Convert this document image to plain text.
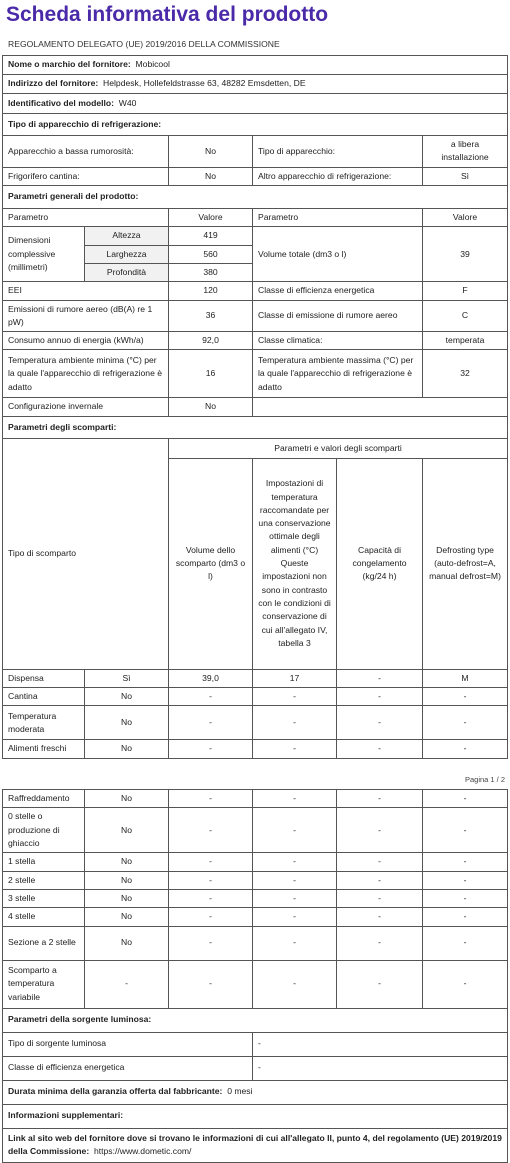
Scheda informativa del prodotto
REGOLAMENTO DELEGATO (UE) 2019/2016 DELLA COMMISSIONE
Nome o marchio del fornitore: Mobicool					
Indirizzo del fornitore: Helpdesk, Hollefeldstrasse 63, 48282 Emsdetten, DE					
Identificativo del modello: W40					
Tipo di apparecchio di refrigerazione:					
Apparecchio a bassa rumorosità:		No	Tipo di apparecchio:		a libera installazione
Frigorifero cantina:		No	Altro apparecchio di refrigerazione:		Sì
Parametri generali del prodotto:					
Parametro		Valore	Parametro		Valore
Dimensioni complessive (millimetri)	Altezza	419	Volume totale (dm3 o l)		39
	Larghezza	560			
	Profondità	380			
EEI		120	Classe di efficienza energetica		F
Emissioni di rumore aereo (dB(A) re 1 pW)		36	Classe di emissione di rumore aereo		C
Consumo annuo di energia (kWh/a)		92,0	Classe climatica:		temperata
Temperatura ambiente minima (°C) per la quale l'apparecchio di refrigerazione è adatto		16	Temperatura ambiente massima (°C) per la quale l'apparecchio di refrigerazione è adatto		32
Configurazione invernale		No			
Parametri degli scomparti:					
Tipo di scomparto		Parametri e valori degli scomparti			
		Volume dello scomparto (dm3 o l)	Impostazioni di temperatura raccomandate per una conservazione ottimale degli alimenti (°C) Queste impostazioni non sono in contrasto con le condizioni di conservazione di cui all'allegato IV, tabella 3	Capacità di congelamento (kg/24 h)	Defrosting type (auto-defrost=A, manual defrost=M)
Dispensa	Sì	39,0	17	-	M
Cantina	No	-	-	-	-
Temperatura moderata	No	-	-	-	-
Alimenti freschi	No	-	-	-	-
Pagina 1 / 2
Raffreddamento	No	-	-	-	-
0 stelle o produzione di ghiaccio	No	-	-	-	-
1 stella	No	-	-	-	-
2 stelle	No	-	-	-	-
3 stelle	No	-	-	-	-
4 stelle	No	-	-	-	-
Sezione a 2 stelle	No	-	-	-	-
Scomparto a temperatura variabile	-	-	-	-	-
Parametri della sorgente luminosa:					
Tipo di sorgente luminosa			-		
Classe di efficienza energetica			-		
Durata minima della garanzia offerta dal fabbricante: 0 mesi					
Informazioni supplementari:					
Link al sito web del fornitore dove si trovano le informazioni di cui all'allegato II, punto 4, del regolamento (UE) 2019/2019 della Commissione: https://www.dometic.com/					
